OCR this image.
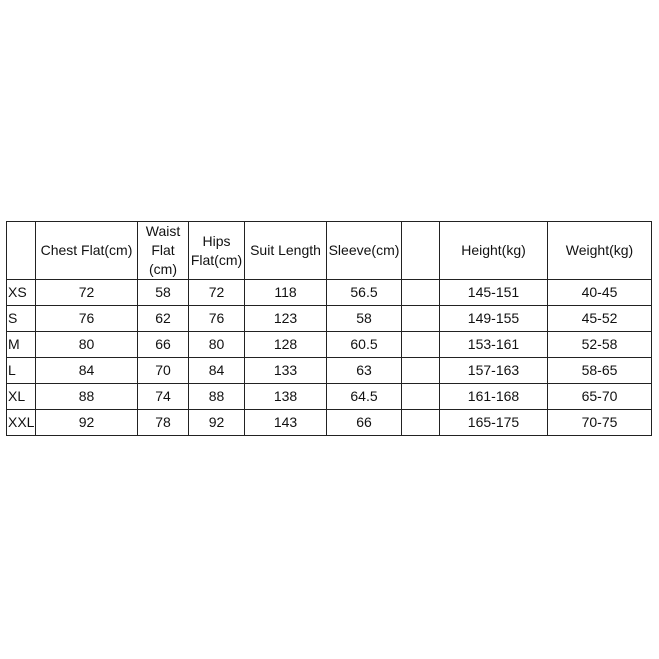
	Chest Flat(cm)	Waist Flat (cm)	Hips Flat(cm)	Suit Length	Sleeve(cm)		Height(kg)	Weight(kg)
XS	72	58	72	118	56.5		145-151	40-45
S	76	62	76	123	58		149-155	45-52
M	80	66	80	128	60.5		153-161	52-58
L	84	70	84	133	63		157-163	58-65
XL	88	74	88	138	64.5		161-168	65-70
XXL	92	78	92	143	66		165-175	70-75
